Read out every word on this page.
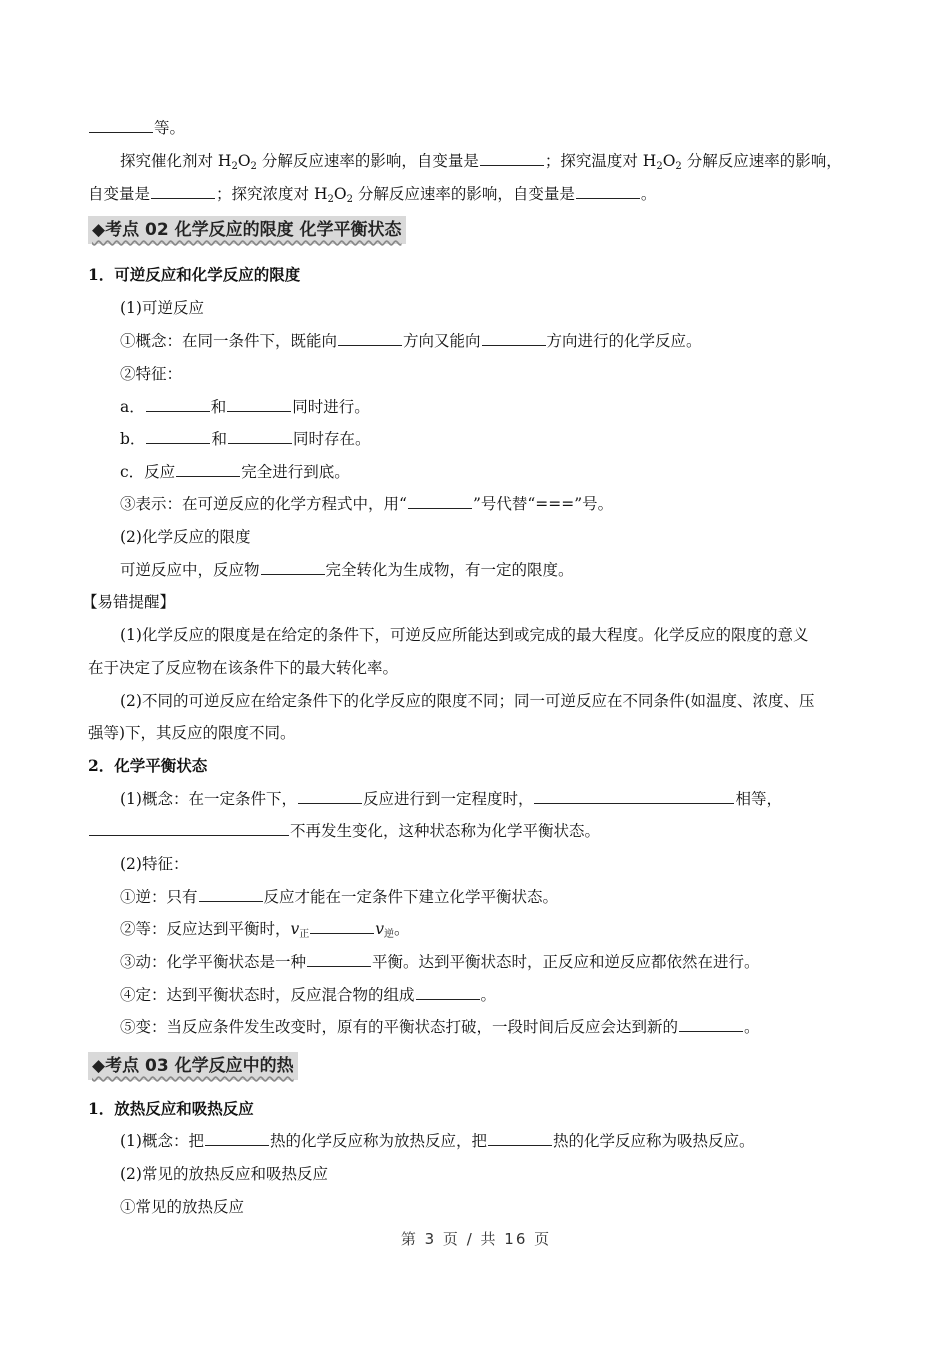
等。
探究催化剂对 $H_2O_2$ 分解反应速率的影响，自变量是	；探究温度对 $H_2O_2$ 分解反应速率的影响，
自变量是	；探究浓度对 $H_2O_2$ 分解反应速率的影响，自变量是	。
◆考点 02 化学反应的限度 化学平衡状态
1．可逆反应和化学反应的限度
(1)可逆反应
①概念：在同一条件下，既能向	方向又能向	方向进行的化学反应。
②特征：
a．	和	同时进行。
b．	和	同时存在。
c．反应	完全进行到底。
③表示：在可逆反应的化学方程式中，用“	”号代替“===”号。
(2)化学反应的限度
可逆反应中，反应物	完全转化为生成物，有一定的限度。
【易错提醒】
(1)化学反应的限度是在给定的条件下，可逆反应所能达到或完成的最大程度。化学反应的限度的意义
在于决定了反应物在该条件下的最大转化率。
(2)不同的可逆反应在给定条件下的化学反应的限度不同；同一可逆反应在不同条件(如温度、浓度、压
强等)下，其反应的限度不同。
2．化学平衡状态
(1)概念：在一定条件下，	反应进行到一定程度时，	相等，
不再发生变化，这种状态称为化学平衡状态。
(2)特征：
①逆：只有	反应才能在一定条件下建立化学平衡状态。
②等：反应达到平衡时，$v_正$	$v_逆$。
③动：化学平衡状态是一种	平衡。达到平衡状态时，正反应和逆反应都依然在进行。
④定：达到平衡状态时，反应混合物的组成	。
⑤变：当反应条件发生改变时，原有的平衡状态打破，一段时间后反应会达到新的	。
◆考点 03 化学反应中的热
1．放热反应和吸热反应
(1)概念：把	热的化学反应称为放热反应，把	热的化学反应称为吸热反应。
(2)常见的放热反应和吸热反应
①常见的放热反应
第 3 页 / 共 16 页
